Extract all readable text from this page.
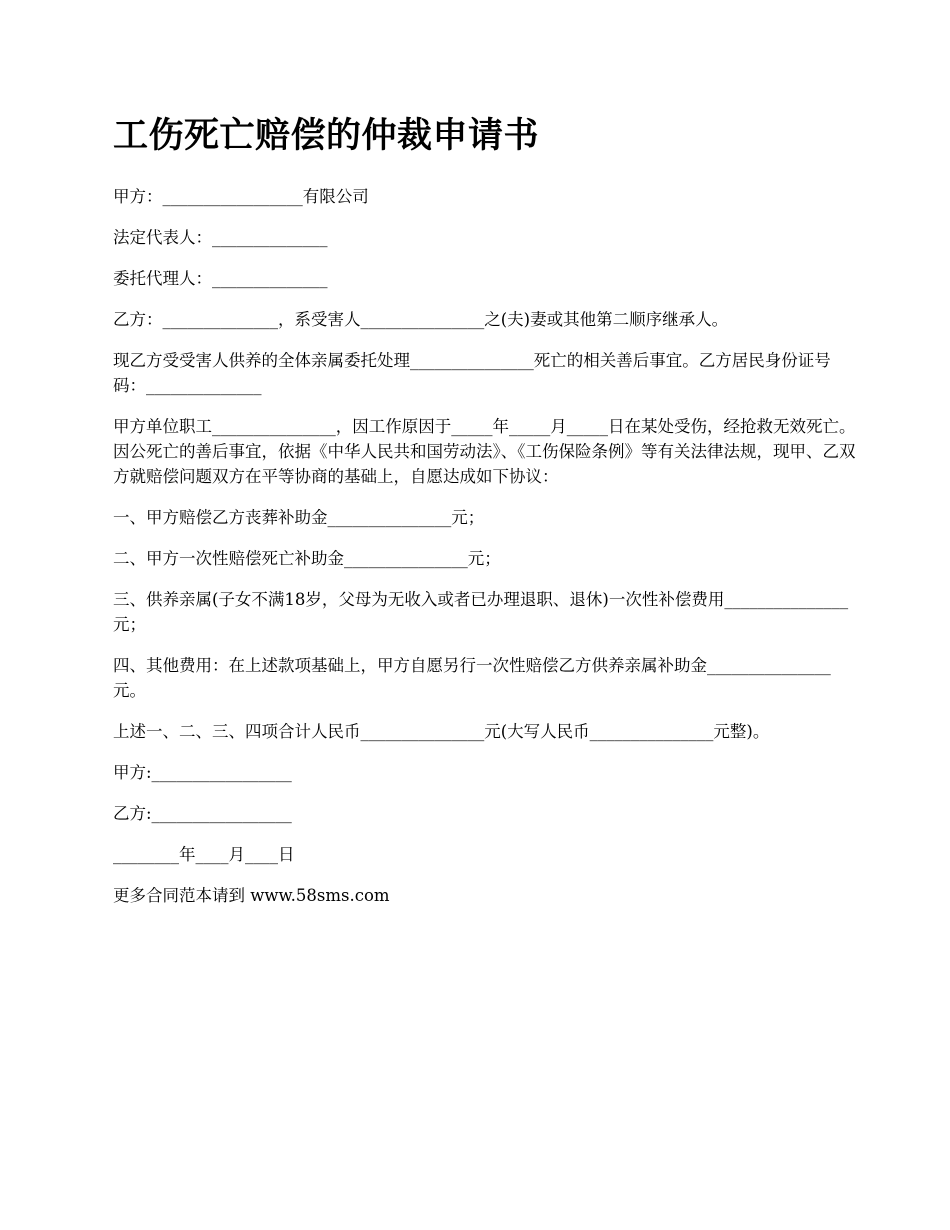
工伤死亡赔偿的仲裁申请书

甲方：_________________有限公司

法定代表人：______________

委托代理人：______________

乙方：______________，系受害人_______________之(夫)妻或其他第二顺序继承人。

现乙方受受害人供养的全体亲属委托处理_______________死亡的相关善后事宜。乙方居民身份证号码：______________

甲方单位职工_______________，因工作原因于_____年_____月_____日在某处受伤，经抢救无效死亡。因公死亡的善后事宜，依据《中华人民共和国劳动法》、《工伤保险条例》等有关法律法规，现甲、乙双方就赔偿问题双方在平等协商的基础上，自愿达成如下协议：

一、甲方赔偿乙方丧葬补助金_______________元；

二、甲方一次性赔偿死亡补助金_______________元；

三、供养亲属(子女不满18岁，父母为无收入或者已办理退职、退休)一次性补偿费用_______________元；

四、其他费用：在上述款项基础上，甲方自愿另行一次性赔偿乙方供养亲属补助金_______________元。

上述一、二、三、四项合计人民币_______________元(大写人民币_______________元整)。

甲方:_________________

乙方:_________________

________年____月____日

更多合同范本请到 www.58sms.com
